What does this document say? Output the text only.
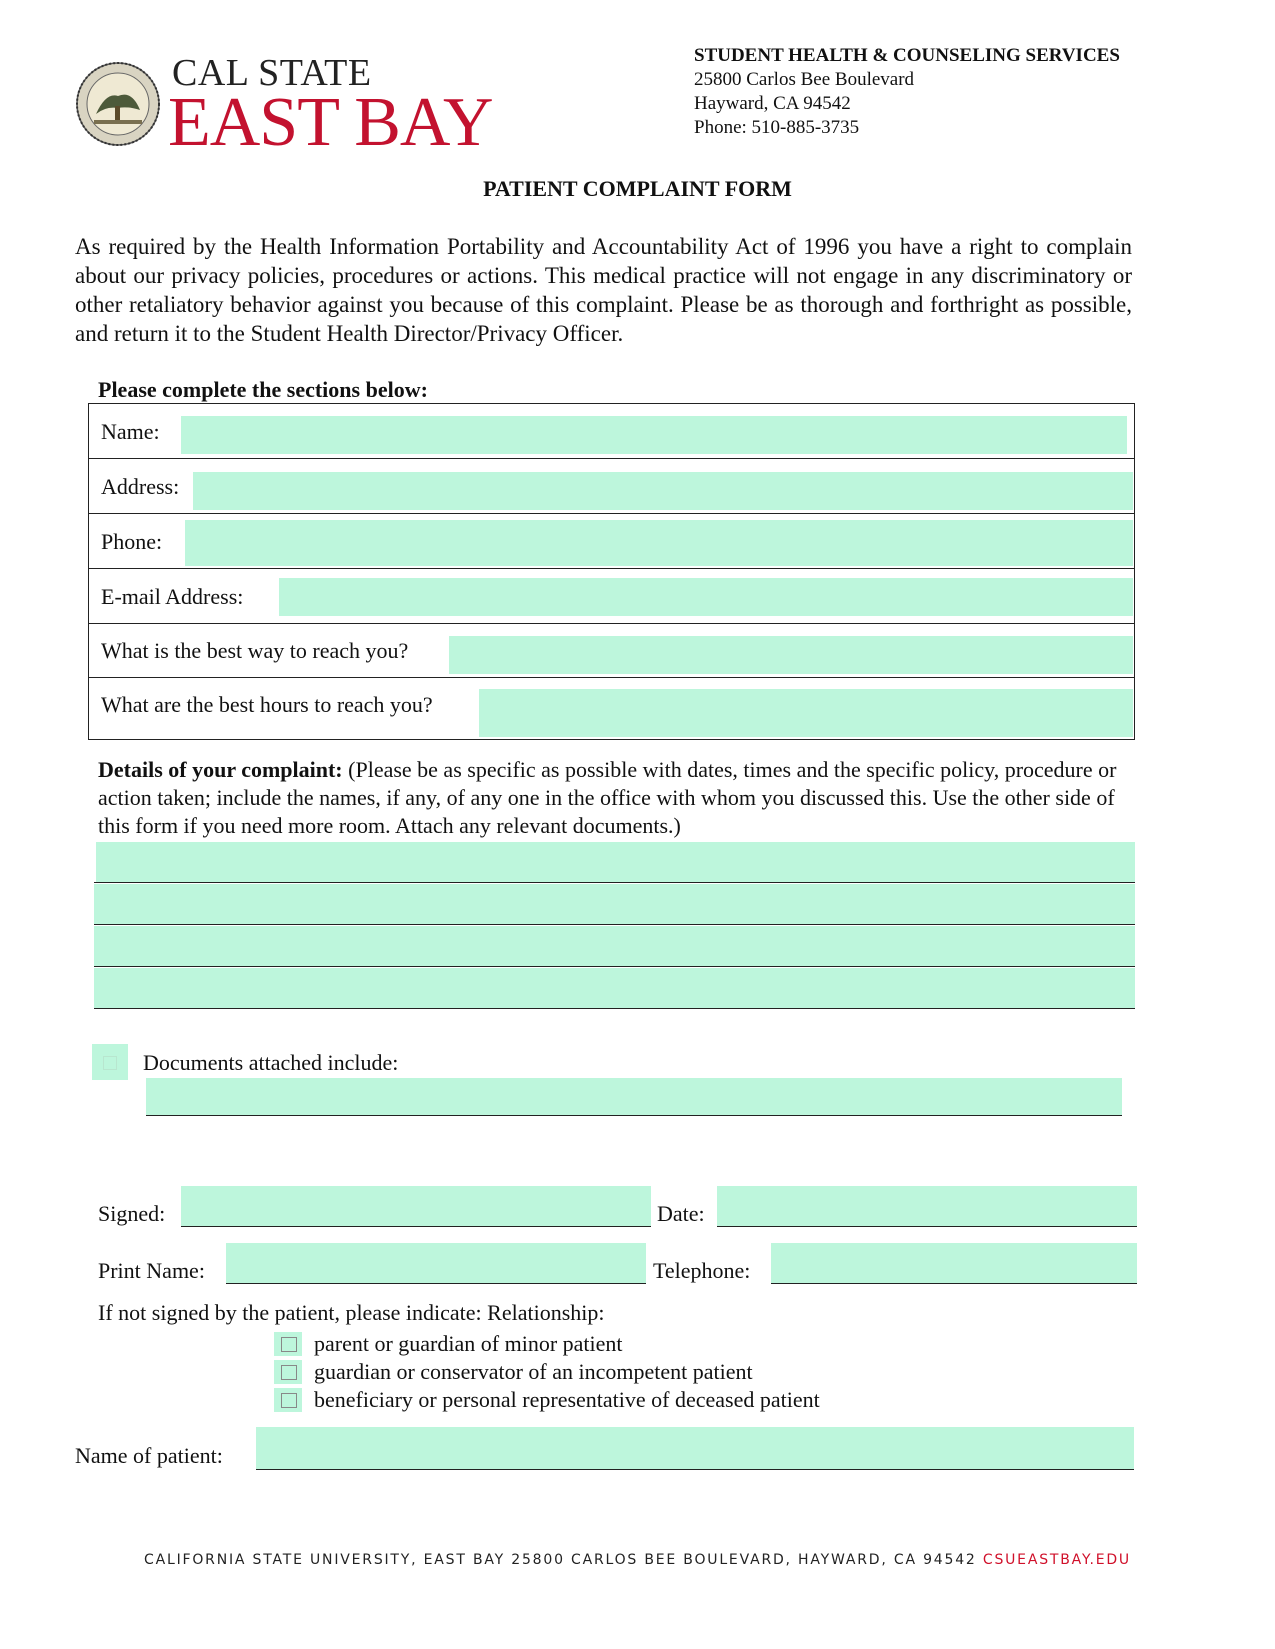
CAL STATE
EAST BAY
STUDENT HEALTH & COUNSELING SERVICES
25800 Carlos Bee Boulevard
Hayward, CA 94542
Phone: 510-885-3735
PATIENT COMPLAINT FORM
As required by the Health Information Portability and Accountability Act of 1996 you have a right to complain about our privacy policies, procedures or actions. This medical practice will not engage in any discriminatory or other retaliatory behavior against you because of this complaint. Please be as thorough and forthright as possible, and return it to the Student Health Director/Privacy Officer.
Please complete the sections below:
Name:
Address:
Phone:
E-mail Address:
What is the best way to reach you?
What are the best hours to reach you?
Details of your complaint: (Please be as specific as possible with dates, times and the specific policy, procedure or action taken; include the names, if any, of any one in the office with whom you discussed this. Use the other side of this form if you need more room. Attach any relevant documents.)
Documents attached include:
Signed:	Date:
Print Name:	Telephone:
If not signed by the patient, please indicate: Relationship:
parent or guardian of minor patient
guardian or conservator of an incompetent patient
beneficiary or personal representative of deceased patient
Name of patient:
CALIFORNIA STATE UNIVERSITY, EAST BAY 25800 CARLOS BEE BOULEVARD, HAYWARD, CA 94542 CSUEASTBAY.EDU
